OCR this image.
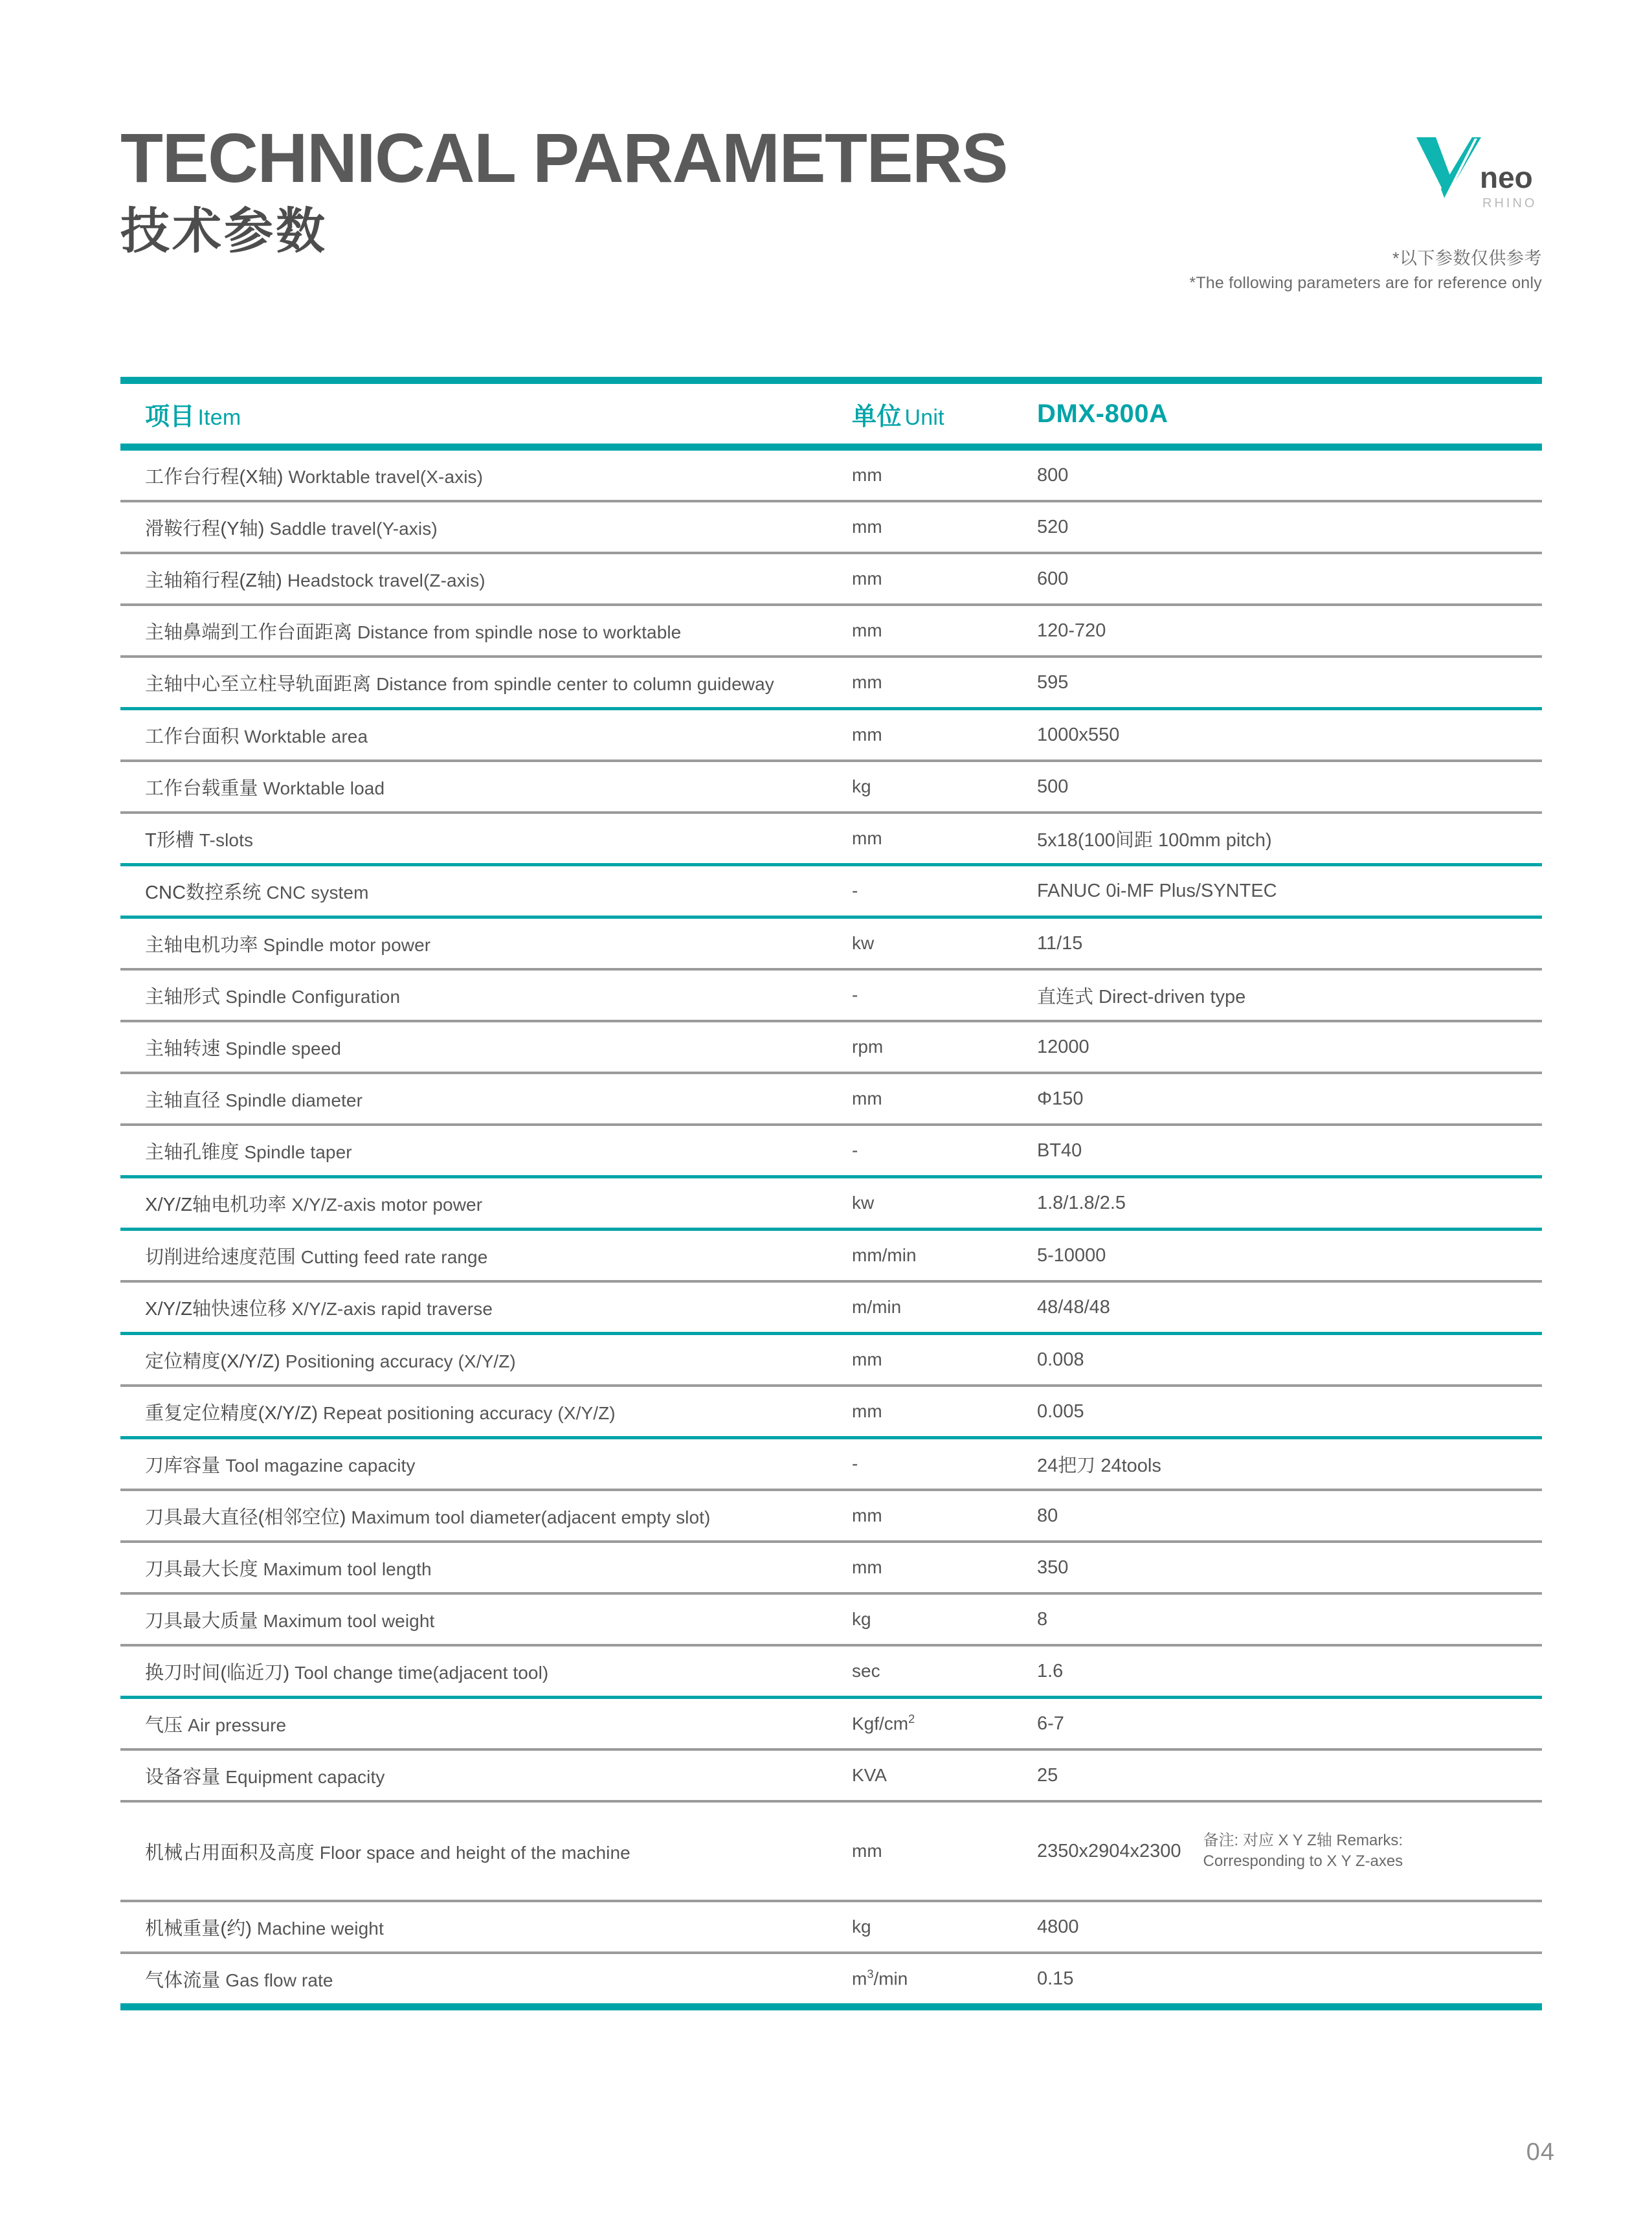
TECHNICAL PARAMETERS
技术参数
neo
RHINO
*以下参数仅供参考
*The following parameters are for reference only
项目 Item	单位 Unit	DMX-800A
工作台行程(X轴) Worktable travel(X-axis)	mm	800
滑鞍行程(Y轴) Saddle travel(Y-axis)	mm	520
主轴箱行程(Z轴) Headstock travel(Z-axis)	mm	600
主轴鼻端到工作台面距离 Distance from spindle nose to worktable	mm	120-720
主轴中心至立柱导轨面距离 Distance from spindle center to column guideway	mm	595
工作台面积 Worktable area	mm	1000x550
工作台载重量 Worktable load	kg	500
T形槽 T-slots	mm	5x18(100间距 100mm pitch)
CNC数控系统 CNC system	-	FANUC 0i-MF Plus/SYNTEC
主轴电机功率 Spindle motor power	kw	11/15
主轴形式 Spindle Configuration	-	直连式 Direct-driven type
主轴转速 Spindle speed	rpm	12000
主轴直径 Spindle diameter	mm	Φ150
主轴孔锥度 Spindle taper	-	BT40
X/Y/Z轴电机功率 X/Y/Z-axis motor power	kw	1.8/1.8/2.5
切削进给速度范围 Cutting feed rate range	mm/min	5-10000
X/Y/Z轴快速位移 X/Y/Z-axis rapid traverse	m/min	48/48/48
定位精度(X/Y/Z) Positioning accuracy (X/Y/Z)	mm	0.008
重复定位精度(X/Y/Z) Repeat positioning accuracy (X/Y/Z)	mm	0.005
刀库容量 Tool magazine capacity	-	24把刀 24tools
刀具最大直径(相邻空位) Maximum tool diameter(adjacent empty slot)	mm	80
刀具最大长度 Maximum tool length	mm	350
刀具最大质量 Maximum tool weight	kg	8
换刀时间(临近刀) Tool change time(adjacent tool)	sec	1.6
气压 Air pressure	Kgf/$cm^2$	6-7
设备容量 Equipment capacity	KVA	25
机械占用面积及高度 Floor space and height of the machine	mm	2350x2904x2300
备注: 对应 X Y Z轴 Remarks: Corresponding to X Y Z-axes
机械重量(约) Machine weight	kg	4800
气体流量 Gas flow rate	$m^3/\min$	0.15
04
